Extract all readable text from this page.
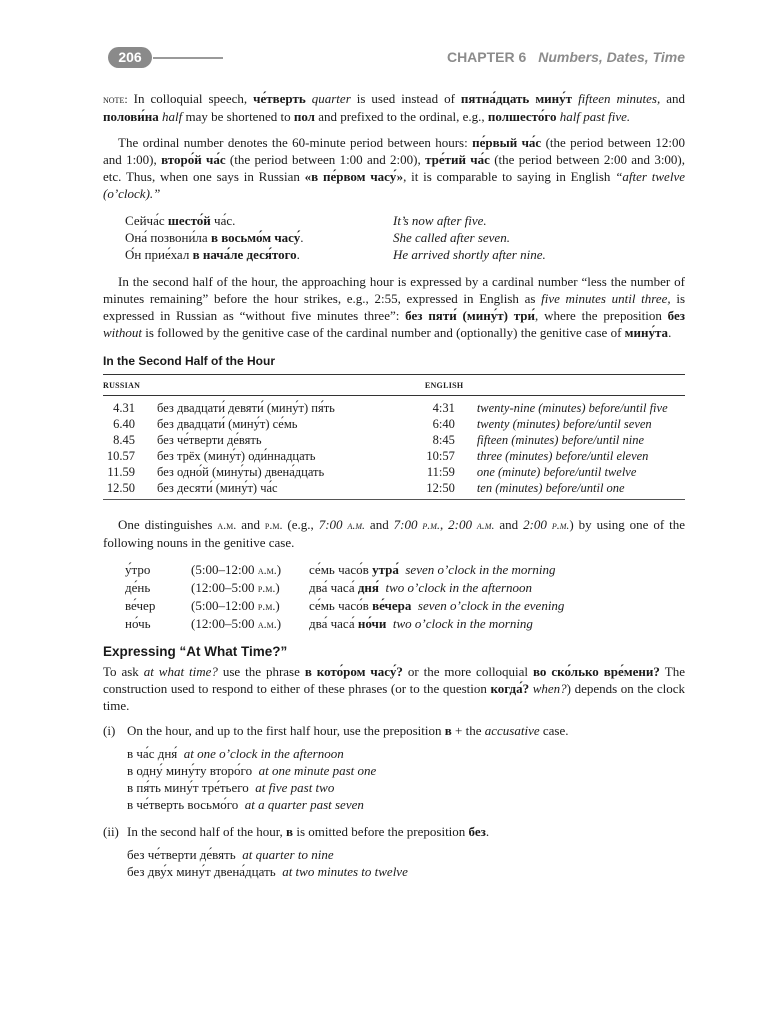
206	CHAPTER 6 Numbers, Dates, Time

note: In colloquial speech, че́тверть quarter is used instead of пятна́дцать мину́т fifteen minutes, and полови́на half may be shortened to пол and prefixed to the ordinal, e.g., полшесто́го half past five.

The ordinal number denotes the 60-minute period between hours: пе́рвый ча́с (the period between 12:00 and 1:00), второ́й ча́с (the period between 1:00 and 2:00), тре́тий ча́с (the period between 2:00 and 3:00), etc. Thus, when one says in Russian «в пе́рвом часу́», it is comparable to saying in English “after twelve (o’clock).”

Сейча́с шесто́й ча́с.	It’s now after five.
Она́ позвони́ла в восьмо́м часу́.	She called after seven.
О́н прие́хал в нача́ле деся́того.	He arrived shortly after nine.

In the second half of the hour, the approaching hour is expressed by a cardinal number “less the number of minutes remaining” before the hour strikes, e.g., 2:55, expressed in English as five minutes until three, is expressed in Russian as “without five minutes three”: без пяти́ (мину́т) три́, where the preposition без without is followed by the genitive case of the cardinal number and (optionally) the genitive case of мину́та.

In the Second Half of the Hour
russian		english	
4.31	без двадцати́ девяти́ (мину́т) пя́ть	4:31	twenty-nine (minutes) before/until five
6.40	без двадцати́ (мину́т) се́мь	6:40	twenty (minutes) before/until seven
8.45	без че́тверти де́вять	8:45	fifteen (minutes) before/until nine
10.57	без трёх (мину́т) оди́ннадцать	10:57	three (minutes) before/until eleven
11.59	без одно́й (мину́ты) двена́дцать	11:59	one (minute) before/until twelve
12.50	без десяти́ (мину́т) ча́с	12:50	ten (minutes) before/until one

One distinguishes a.m. and p.m. (e.g., 7:00 a.m. and 7:00 p.m., 2:00 a.m. and 2:00 p.m.) by using one of the following nouns in the genitive case.

у́тро	(5:00–12:00 a.m.)	се́мь часо́в утра́ seven o’clock in the morning
де́нь	(12:00–5:00 p.m.)	два́ часа́ дня́ two o’clock in the afternoon
ве́чер	(5:00–12:00 p.m.)	се́мь часо́в ве́чера seven o’clock in the evening
но́чь	(12:00–5:00 a.m.)	два́ часа́ но́чи two o’clock in the morning
Expressing “At What Time?”

To ask at what time? use the phrase в кото́ром часу́? or the more colloquial во ско́лько вре́мени? The construction used to respond to either of these phrases (or to the question когда́? when?) depends on the clock time.

(i) On the hour, and up to the first half hour, use the preposition в + the accusative case.
в ча́с дня́ at one o’clock in the afternoon
в одну́ мину́ту второ́го at one minute past one
в пя́ть мину́т тре́тьего at five past two
в че́тверть восьмо́го at a quarter past seven
(ii) In the second half of the hour, в is omitted before the preposition без.
без че́тверти де́вять at quarter to nine
без дву́х мину́т двена́дцать at two minutes to twelve
